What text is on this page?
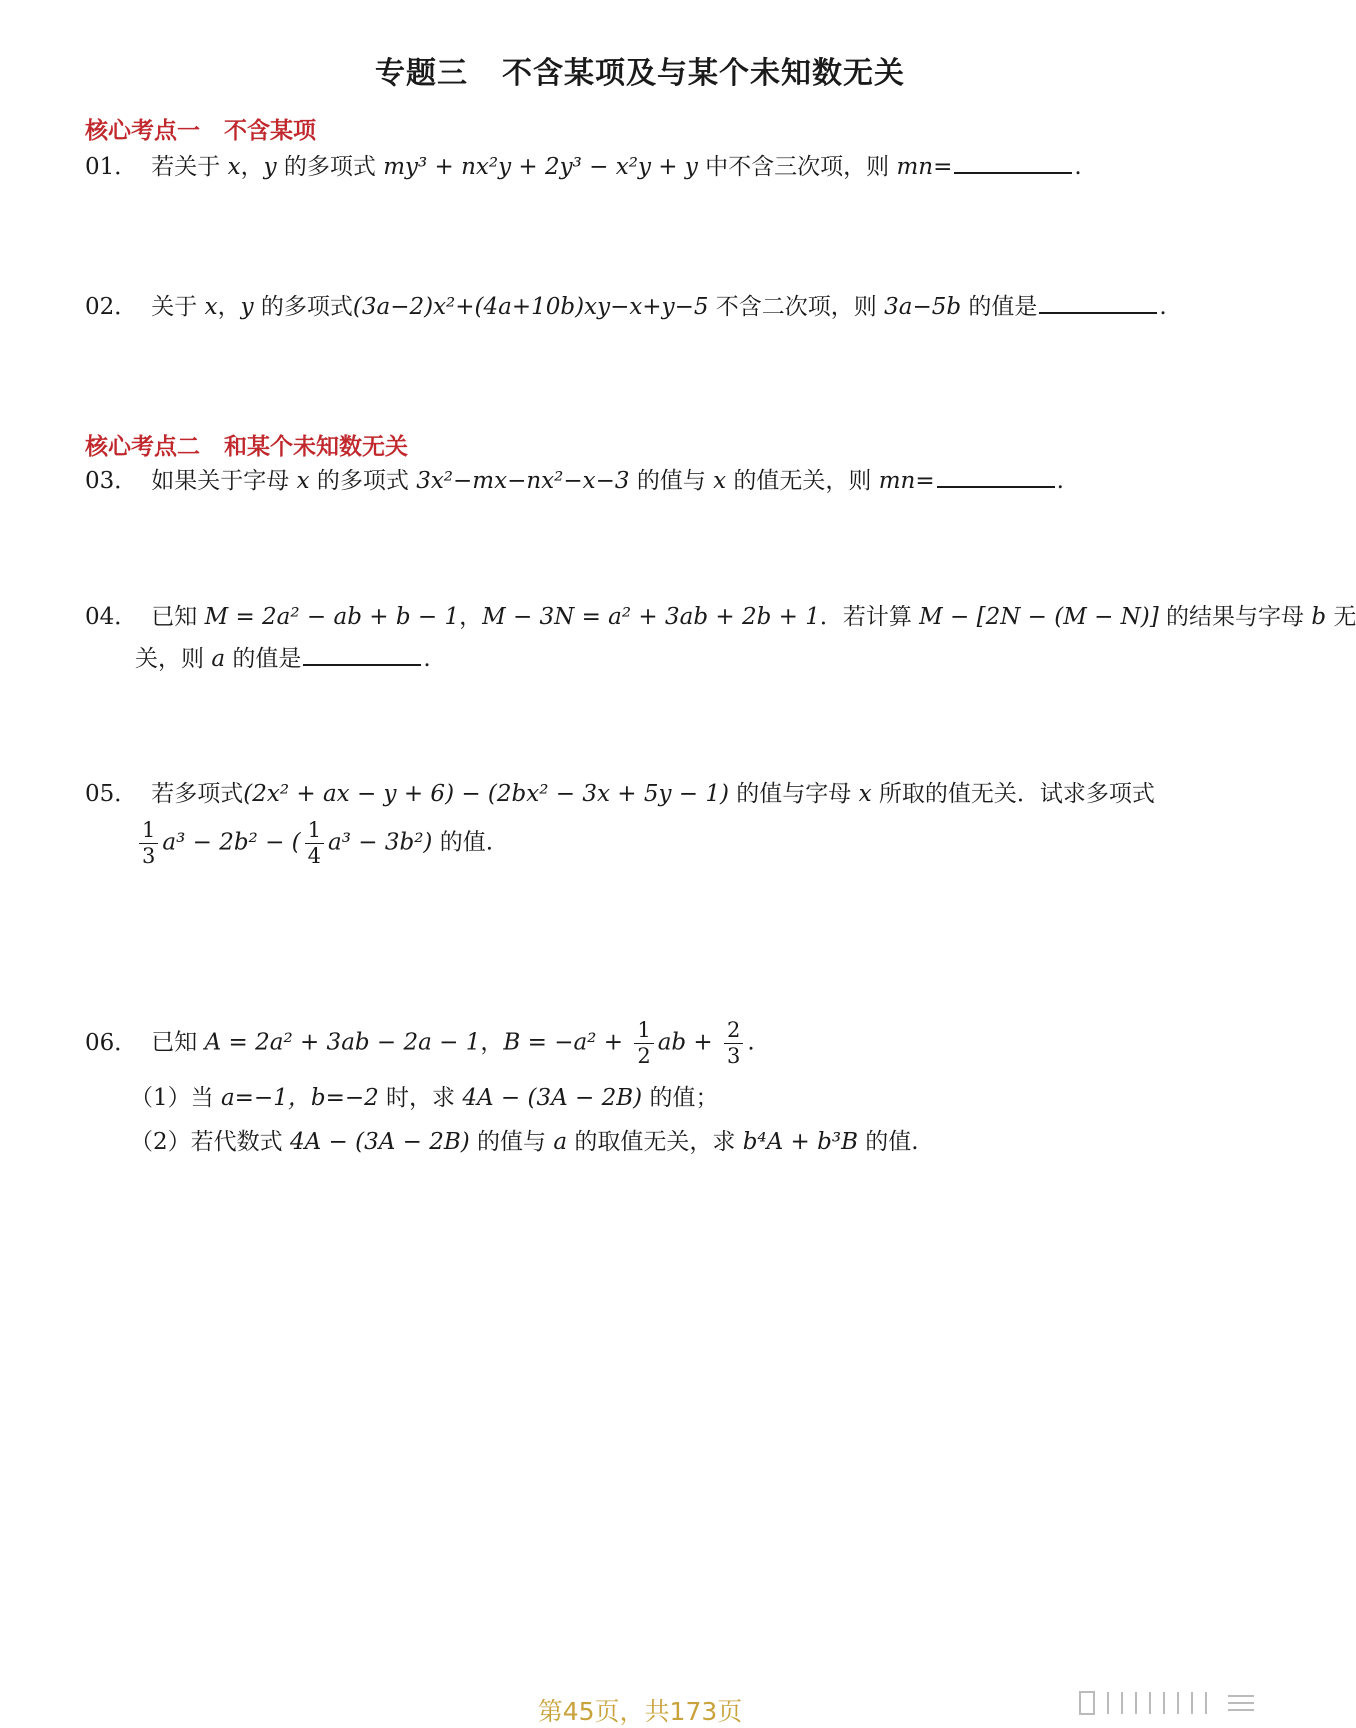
专题三 不含某项及与某个未知数无关
核心考点一 不含某项
01． 若关于 x，y 的多项式 my³ + nx²y + 2y³ − x²y + y 中不含三次项，则 mn=	.
02． 关于 x，y 的多项式(3a−2)x²+(4a+10b)xy−x+y−5 不含二次项，则 3a−5b 的值是	.
核心考点二 和某个未知数无关
03． 如果关于字母 x 的多项式 3x²−mx−nx²−x−3 的值与 x 的值无关，则 mn=	.
04． 已知 M = 2a² − ab + b − 1，M − 3N = a² + 3ab + 2b + 1．若计算 M − [2N − (M − N)] 的结果与字母 b 无
关，则 a 的值是	.
05． 若多项式(2x² + ax − y + 6) − (2bx² − 3x + 5y − 1) 的值与字母 x 所取的值无关．试求多项式
$\frac{1}{3} a^3 - 2b^2$ − ( $\frac{1}{4} a^3 - 3b^2$) 的值.
06． 已知 A = 2a² + 3ab − 2a − 1，$B = -a^2 + \frac{1}{2}$ ab + $\frac{2}{3}$ .
（1）当 a=−1，b=−2 时，求 4A − (3A − 2B) 的值；
（2）若代数式 4A − (3A − 2B) 的值与 a 的取值无关，求 b⁴A + b³B 的值.
第45页，共173页
